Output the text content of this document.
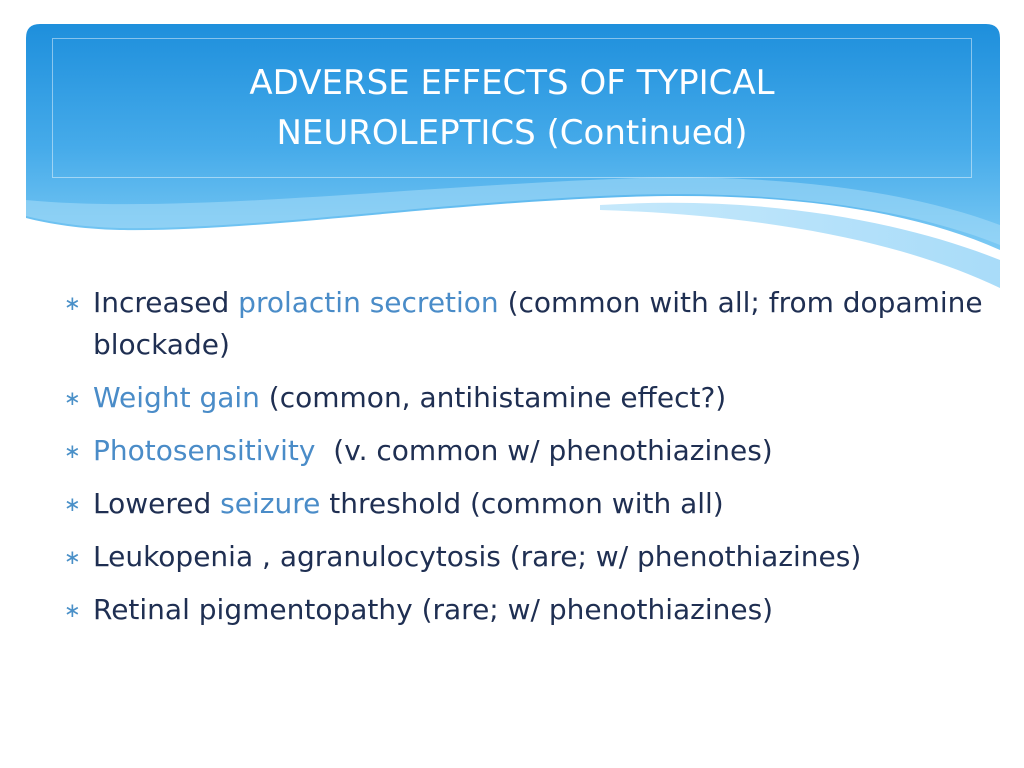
ADVERSE EFFECTS OF TYPICAL
NEUROLEPTICS (Continued)
∗ Increased prolactin secretion (common with all; from dopamine blockade)
∗ Weight gain (common, antihistamine effect?)
∗ Photosensitivity  (v. common w/ phenothiazines)
∗ Lowered seizure threshold (common with all)
∗ Leukopenia , agranulocytosis (rare; w/ phenothiazines)
∗ Retinal pigmentopathy (rare; w/ phenothiazines)
